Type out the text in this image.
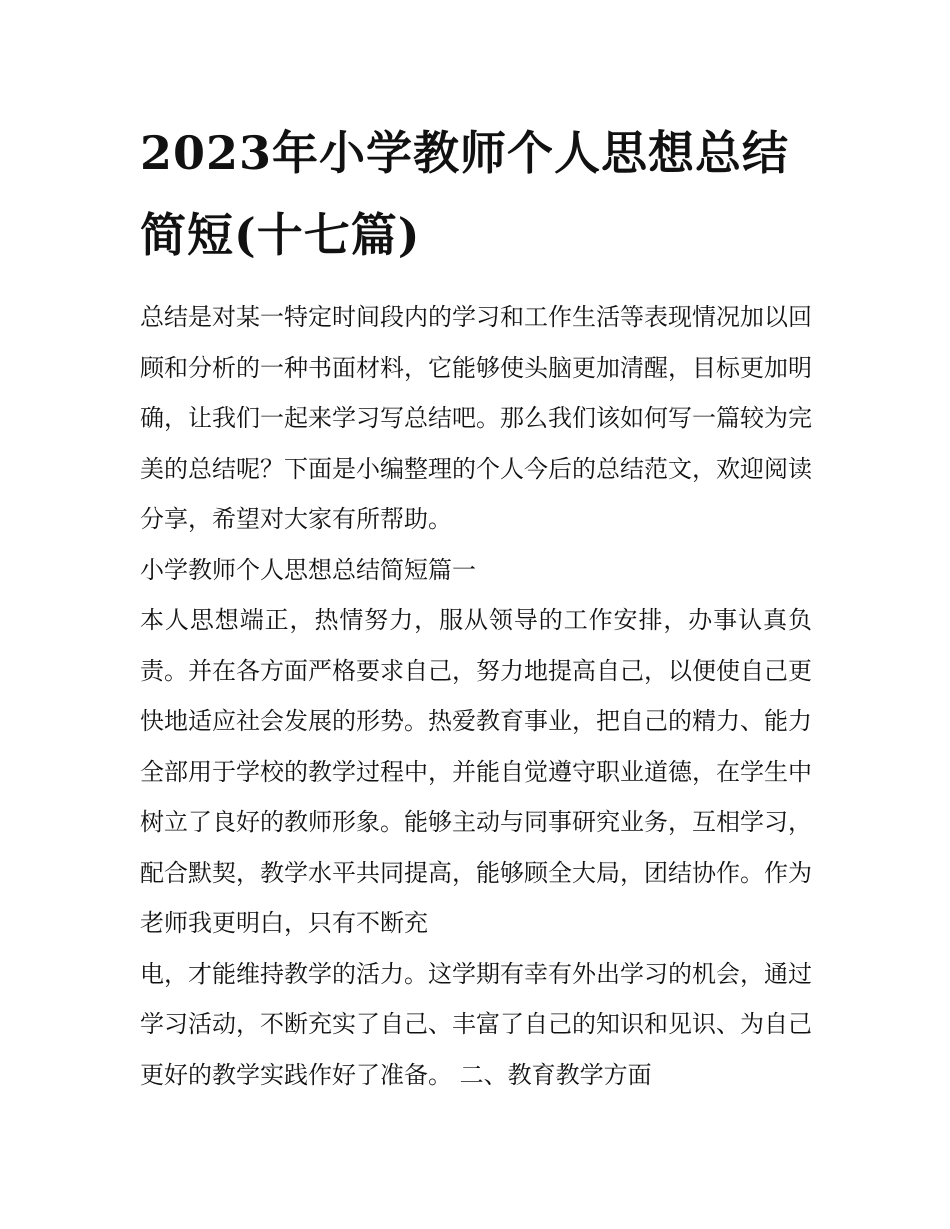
2023年小学教师个人思想总结简短(十七篇)

总结是对某一特定时间段内的学习和工作生活等表现情况加以回顾和分析的一种书面材料，它能够使头脑更加清醒，目标更加明确，让我们一起来学习写总结吧。那么我们该如何写一篇较为完美的总结呢？下面是小编整理的个人今后的总结范文，欢迎阅读分享，希望对大家有所帮助。

小学教师个人思想总结简短篇一

本人思想端正，热情努力，服从领导的工作安排，办事认真负责。并在各方面严格要求自己，努力地提高自己，以便使自己更快地适应社会发展的形势。热爱教育事业，把自己的精力、能力全部用于学校的教学过程中，并能自觉遵守职业道德，在学生中树立了良好的教师形象。能够主动与同事研究业务，互相学习，配合默契，教学水平共同提高，能够顾全大局，团结协作。作为老师我更明白，只有不断充

电，才能维持教学的活力。这学期有幸有外出学习的机会，通过学习活动，不断充实了自己、丰富了自己的知识和见识、为自己更好的教学实践作好了准备。 二、教育教学方面
